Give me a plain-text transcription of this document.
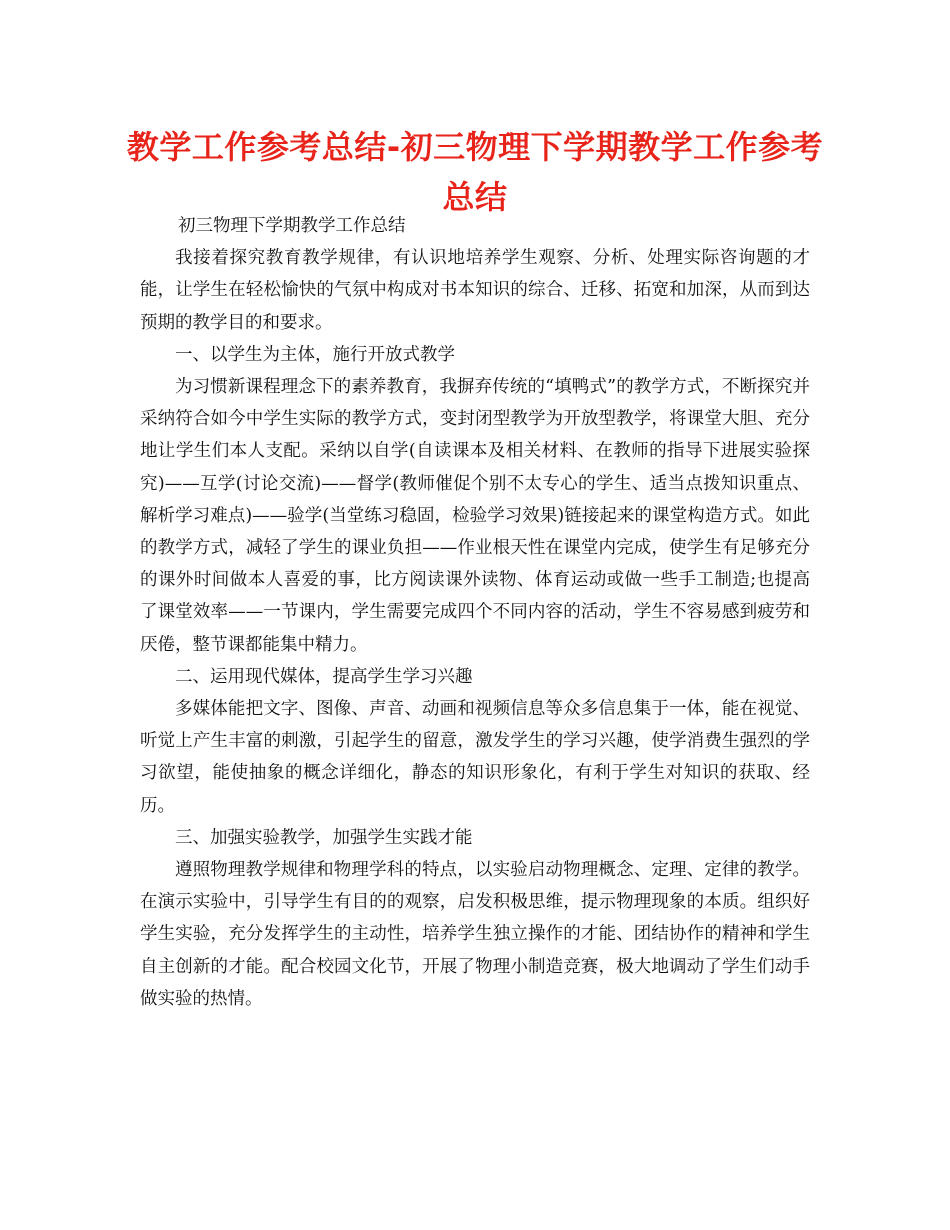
教学工作参考总结-初三物理下学期教学工作参考总结

初三物理下学期教学工作总结

我接着探究教育教学规律，有认识地培养学生观察、分析、处理实际咨询题的才能，让学生在轻松愉快的气氛中构成对书本知识的综合、迁移、拓宽和加深，从而到达预期的教学目的和要求。

一、以学生为主体，施行开放式教学

为习惯新课程理念下的素养教育，我摒弃传统的“填鸭式”的教学方式，不断探究并采纳符合如今中学生实际的教学方式，变封闭型教学为开放型教学，将课堂大胆、充分地让学生们本人支配。采纳以自学(自读课本及相关材料、在教师的指导下进展实验探究)——互学(讨论交流)——督学(教师催促个别不太专心的学生、适当点拨知识重点、解析学习难点)——验学(当堂练习稳固，检验学习效果)链接起来的课堂构造方式。如此的教学方式，减轻了学生的课业负担——作业根天性在课堂内完成，使学生有足够充分的课外时间做本人喜爱的事，比方阅读课外读物、体育运动或做一些手工制造;也提高了课堂效率——一节课内，学生需要完成四个不同内容的活动，学生不容易感到疲劳和厌倦，整节课都能集中精力。

二、运用现代媒体，提高学生学习兴趣

多媒体能把文字、图像、声音、动画和视频信息等众多信息集于一体，能在视觉、听觉上产生丰富的刺激，引起学生的留意，激发学生的学习兴趣，使学消费生强烈的学习欲望，能使抽象的概念详细化，静态的知识形象化，有利于学生对知识的获取、经历。

三、加强实验教学，加强学生实践才能

遵照物理教学规律和物理学科的特点，以实验启动物理概念、定理、定律的教学。在演示实验中，引导学生有目的的观察，启发积极思维，提示物理现象的本质。组织好学生实验，充分发挥学生的主动性，培养学生独立操作的才能、团结协作的精神和学生自主创新的才能。配合校园文化节，开展了物理小制造竞赛，极大地调动了学生们动手做实验的热情。
